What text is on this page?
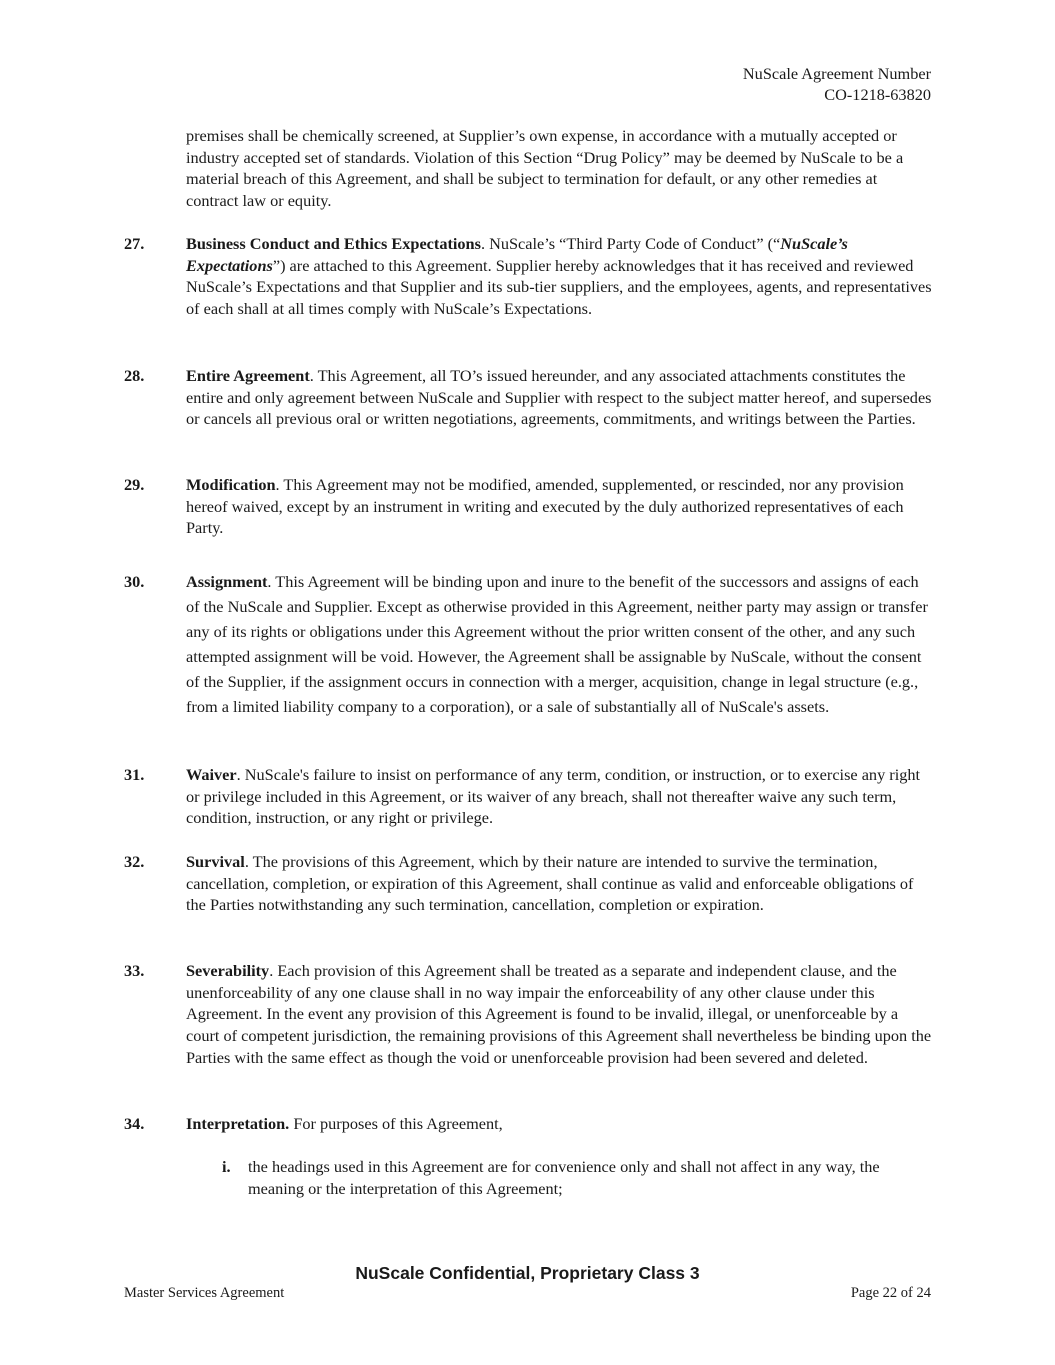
NuScale Agreement Number
CO-1218-63820
premises shall be chemically screened, at Supplier’s own expense, in accordance with a mutually accepted or industry accepted set of standards. Violation of this Section “Drug Policy” may be deemed by NuScale to be a material breach of this Agreement, and shall be subject to termination for default, or any other remedies at contract law or equity.
27.	Business Conduct and Ethics Expectations. NuScale’s “Third Party Code of Conduct” (“NuScale’s Expectations”) are attached to this Agreement. Supplier hereby acknowledges that it has received and reviewed NuScale’s Expectations and that Supplier and its sub-tier suppliers, and the employees, agents, and representatives of each shall at all times comply with NuScale’s Expectations.
28.	Entire Agreement. This Agreement, all TO’s issued hereunder, and any associated attachments constitutes the entire and only agreement between NuScale and Supplier with respect to the subject matter hereof, and supersedes or cancels all previous oral or written negotiations, agreements, commitments, and writings between the Parties.
29.	Modification. This Agreement may not be modified, amended, supplemented, or rescinded, nor any provision hereof waived, except by an instrument in writing and executed by the duly authorized representatives of each Party.
30.	Assignment. This Agreement will be binding upon and inure to the benefit of the successors and assigns of each of the NuScale and Supplier. Except as otherwise provided in this Agreement, neither party may assign or transfer any of its rights or obligations under this Agreement without the prior written consent of the other, and any such attempted assignment will be void. However, the Agreement shall be assignable by NuScale, without the consent of the Supplier, if the assignment occurs in connection with a merger, acquisition, change in legal structure (e.g., from a limited liability company to a corporation), or a sale of substantially all of NuScale's assets.
31.	Waiver. NuScale's failure to insist on performance of any term, condition, or instruction, or to exercise any right or privilege included in this Agreement, or its waiver of any breach, shall not thereafter waive any such term, condition, instruction, or any right or privilege.
32.	Survival. The provisions of this Agreement, which by their nature are intended to survive the termination, cancellation, completion, or expiration of this Agreement, shall continue as valid and enforceable obligations of the Parties notwithstanding any such termination, cancellation, completion or expiration.
33.	Severability. Each provision of this Agreement shall be treated as a separate and independent clause, and the unenforceability of any one clause shall in no way impair the enforceability of any other clause under this Agreement. In the event any provision of this Agreement is found to be invalid, illegal, or unenforceable by a court of competent jurisdiction, the remaining provisions of this Agreement shall nevertheless be binding upon the Parties with the same effect as though the void or unenforceable provision had been severed and deleted.
34.	Interpretation. For purposes of this Agreement,
i. the headings used in this Agreement are for convenience only and shall not affect in any way, the meaning or the interpretation of this Agreement;
NuScale Confidential, Proprietary Class 3
Master Services Agreement	Page 22 of 24
